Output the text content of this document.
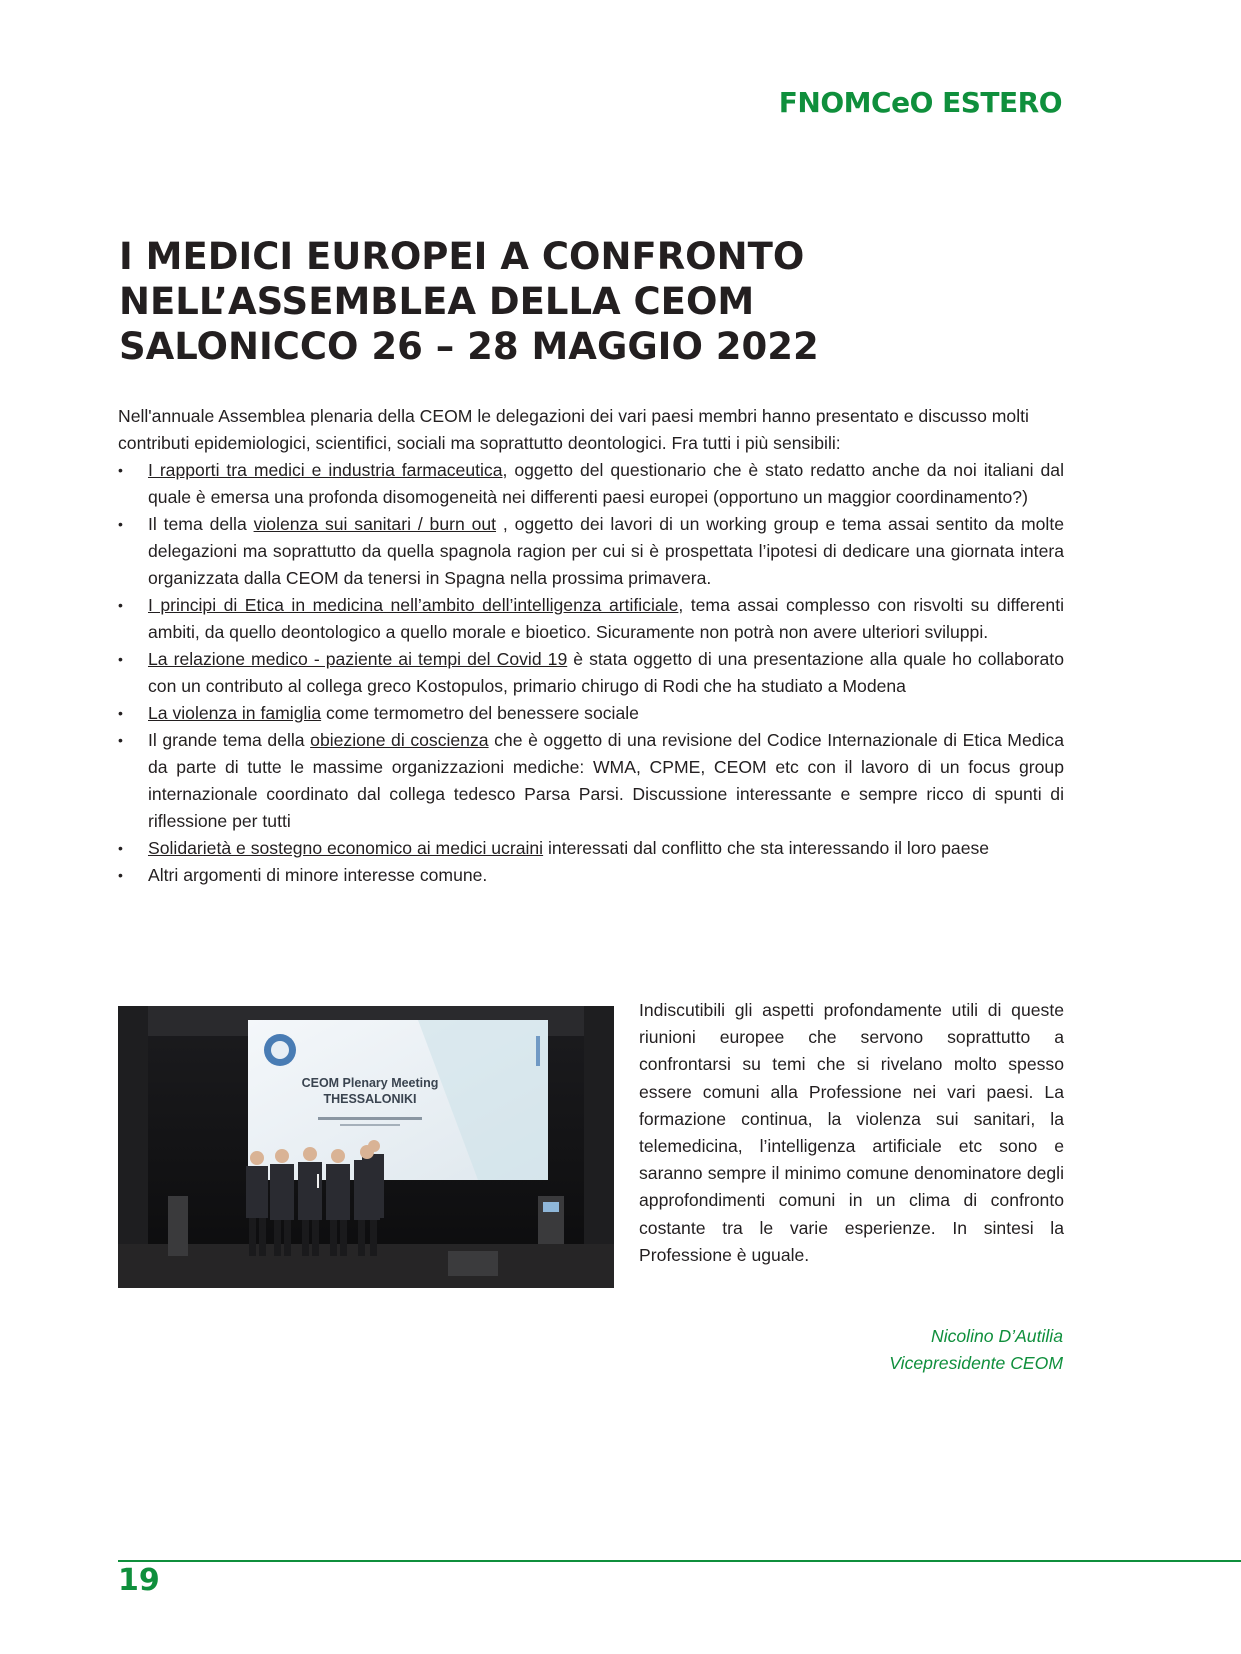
FNOMCeO ESTERO
I MEDICI EUROPEI A CONFRONTO
NELL’ASSEMBLEA DELLA CEOM
SALONICCO 26 – 28 MAGGIO 2022

Nell'annuale Assemblea plenaria della CEOM le delegazioni dei vari paesi membri hanno presentato e discusso molti contributi epidemiologici, scientifici, sociali ma soprattutto deontologici. Fra tutti i più sensibili:

• I rapporti tra medici e industria farmaceutica, oggetto del questionario che è stato redatto anche da noi italiani dal quale è emersa una profonda disomogeneità nei differenti paesi europei (opportuno un maggior coordinamento?)
• Il tema della violenza sui sanitari / burn out , oggetto dei lavori di un working group e tema assai sentito da molte delegazioni ma soprattutto da quella spagnola ragion per cui si è prospettata l’ipotesi di dedicare una giornata intera organizzata dalla CEOM da tenersi in Spagna nella prossima primavera.
• I principi di Etica in medicina nell’ambito dell’intelligenza artificiale, tema assai complesso con risvolti su differenti ambiti, da quello deontologico a quello morale e bioetico. Sicuramente non potrà non avere ulteriori sviluppi.
• La relazione medico - paziente ai tempi del Covid 19 è stata oggetto di una presentazione alla quale ho collaborato con un contributo al collega greco Kostopulos, primario chirugo di Rodi che ha studiato a Modena
• La violenza in famiglia come termometro del benessere sociale
• Il grande tema della obiezione di coscienza che è oggetto di una revisione del Codice Internazionale di Etica Medica da parte di tutte le massime organizzazioni mediche: WMA, CPME, CEOM etc con il lavoro di un focus group internazionale coordinato dal collega tedesco Parsa Parsi. Discussione interessante e sempre ricco di spunti di riflessione per tutti
• Solidarietà e sostegno economico ai medici ucraini interessati dal conflitto che sta interessando il loro paese
• Altri argomenti di minore interesse comune.
CEOM Plenary Meeting
THESSALONIKI

Indiscutibili gli aspetti profondamente utili di queste riunioni europee che servono soprattutto a confrontarsi su temi che si rivelano molto spesso essere comuni alla Professione nei vari paesi. La formazione continua, la violenza sui sanitari, la telemedicina, l’intelligenza artificiale etc sono e saranno sempre il minimo comune denominatore degli approfondimenti comuni in un clima di confronto costante tra le varie esperienze. In sintesi la Professione è uguale.

Nicolino D’Autilia
Vicepresidente CEOM
19
